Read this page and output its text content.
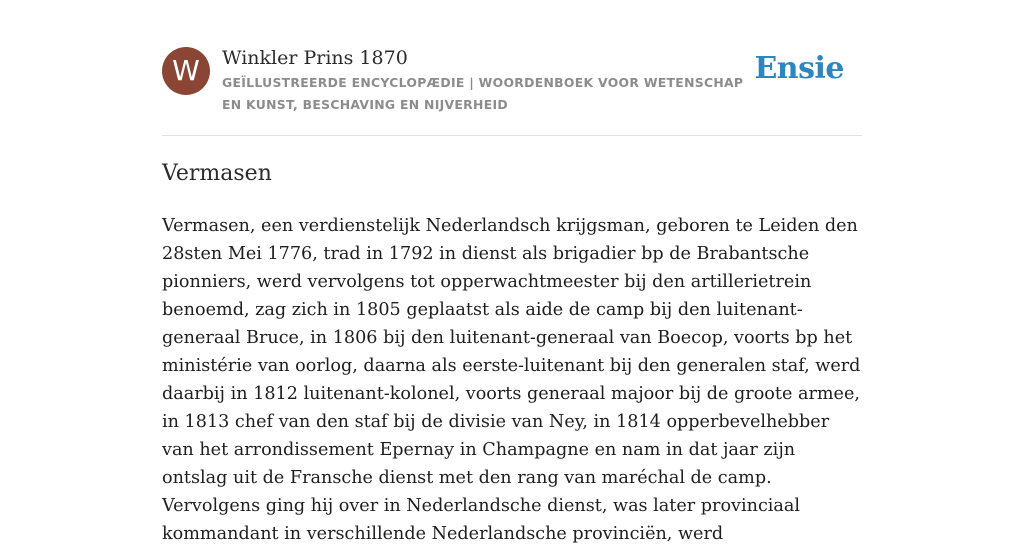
W	Winkler Prins 1870
GEÏLLUSTREERDE ENCYCLOPÆDIE | WOORDENBOEK VOOR WETENSCHAP EN KUNST, BESCHAVING EN NIJVERHEID
Ensie
Vermasen

Vermasen, een verdienstelijk Nederlandsch krijgsman, geboren te Leiden den 28sten Mei 1776, trad in 1792 in dienst als brigadier bp de Brabantsche pionniers, werd vervolgens tot opperwachtmeester bij den artillerietrein benoemd, zag zich in 1805 geplaatst als aide de camp bij den luitenant-generaal Bruce, in 1806 bij den luitenant-generaal van Boecop, voorts bp het ministérie van oorlog, daarna als eerste-luitenant bij den generalen staf, werd daarbij in 1812 luitenant-kolonel, voorts generaal majoor bij de groote armee, in 1813 chef van den staf bij de divisie van Ney, in 1814 opperbevelhebber van het arrondissement Epernay in Champagne en nam in dat jaar zijn ontslag uit de Fransche dienst met den rang van maréchal de camp. Vervolgens ging hij over in Nederlandsche dienst, was later provinciaal kommandant in verschillende Nederlandsche provinciën, werd
